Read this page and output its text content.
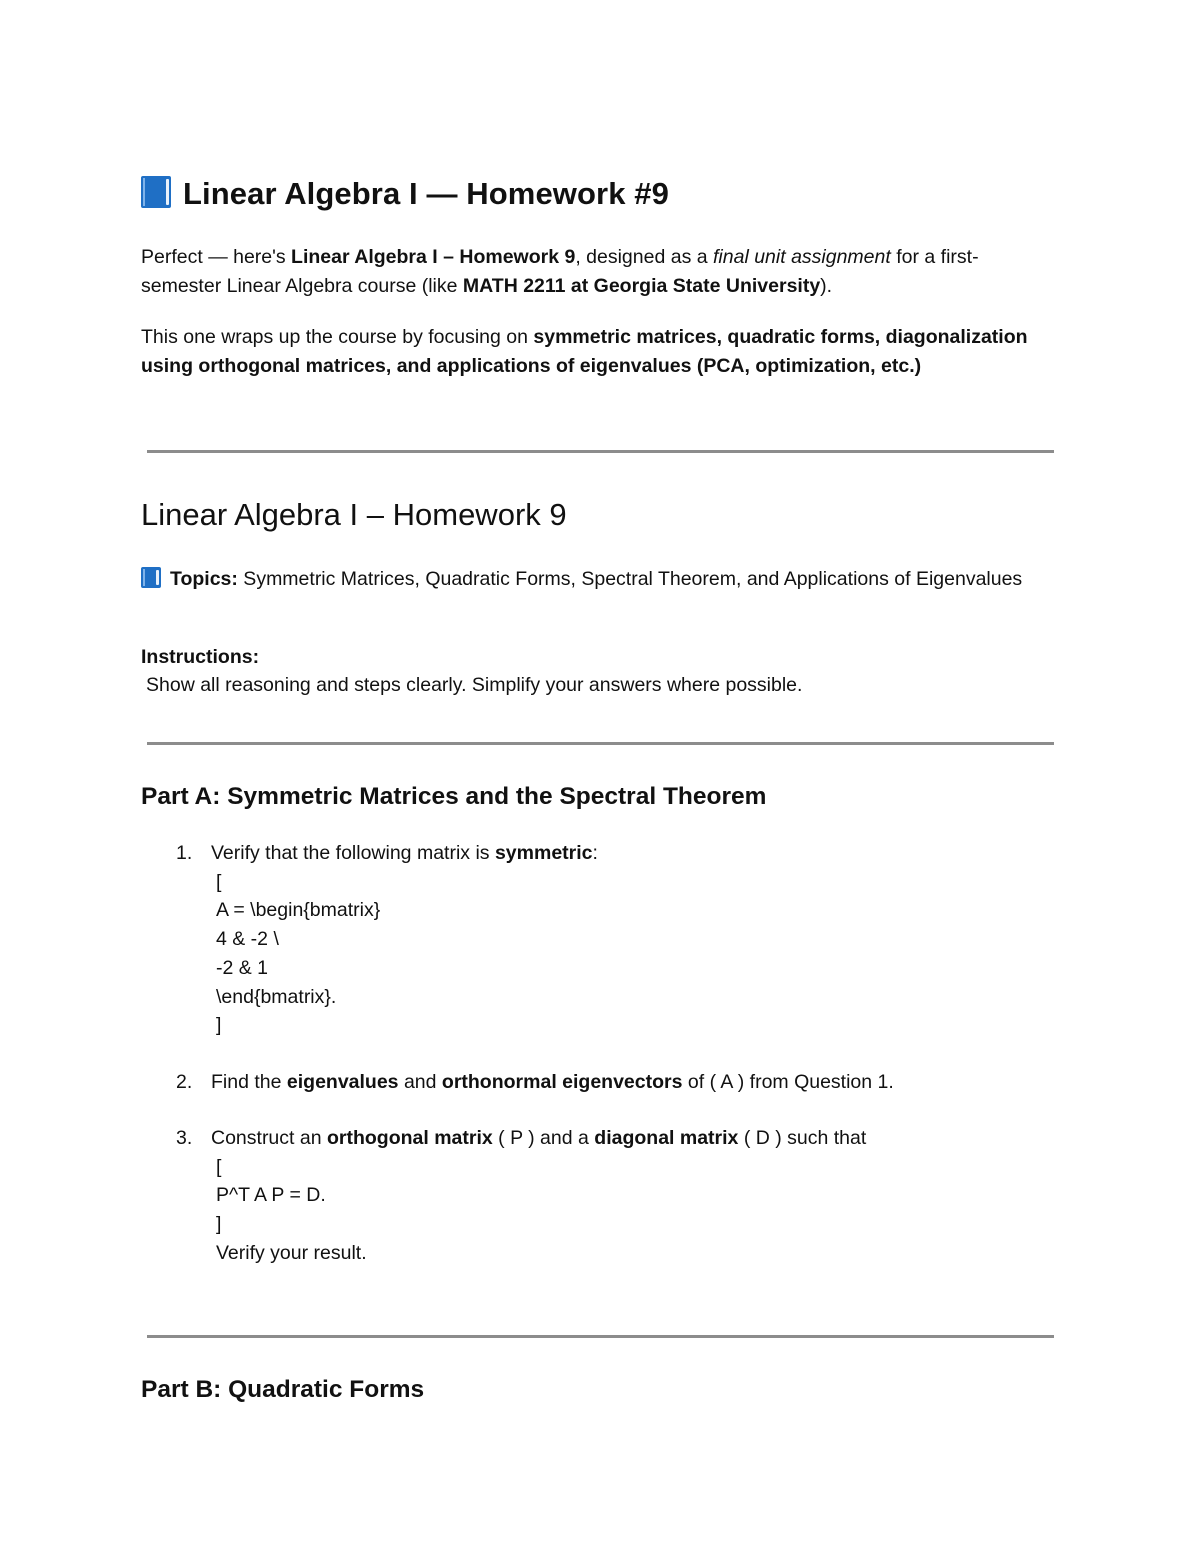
Linear Algebra I — Homework #9

Perfect — here's Linear Algebra I – Homework 9, designed as a final unit assignment for a first-semester Linear Algebra course (like MATH 2211 at Georgia State University).

This one wraps up the course by focusing on symmetric matrices, quadratic forms, diagonalization using orthogonal matrices, and applications of eigenvalues (PCA, optimization, etc.)

Linear Algebra I – Homework 9

Topics: Symmetric Matrices, Quadratic Forms, Spectral Theorem, and Applications of Eigenvalues

Instructions:

Show all reasoning and steps clearly. Simplify your answers where possible.

Part A: Symmetric Matrices and the Spectral Theorem
1. Verify that the following matrix is symmetric:
[
A = \begin{bmatrix}
4 & -2 \
-2 & 1
\end{bmatrix}.
]
2. Find the eigenvalues and orthonormal eigenvectors of ( A ) from Question 1.
3. Construct an orthogonal matrix ( P ) and a diagonal matrix ( D ) such that
[
P^T A P = D.
]
Verify your result.
Part B: Quadratic Forms
